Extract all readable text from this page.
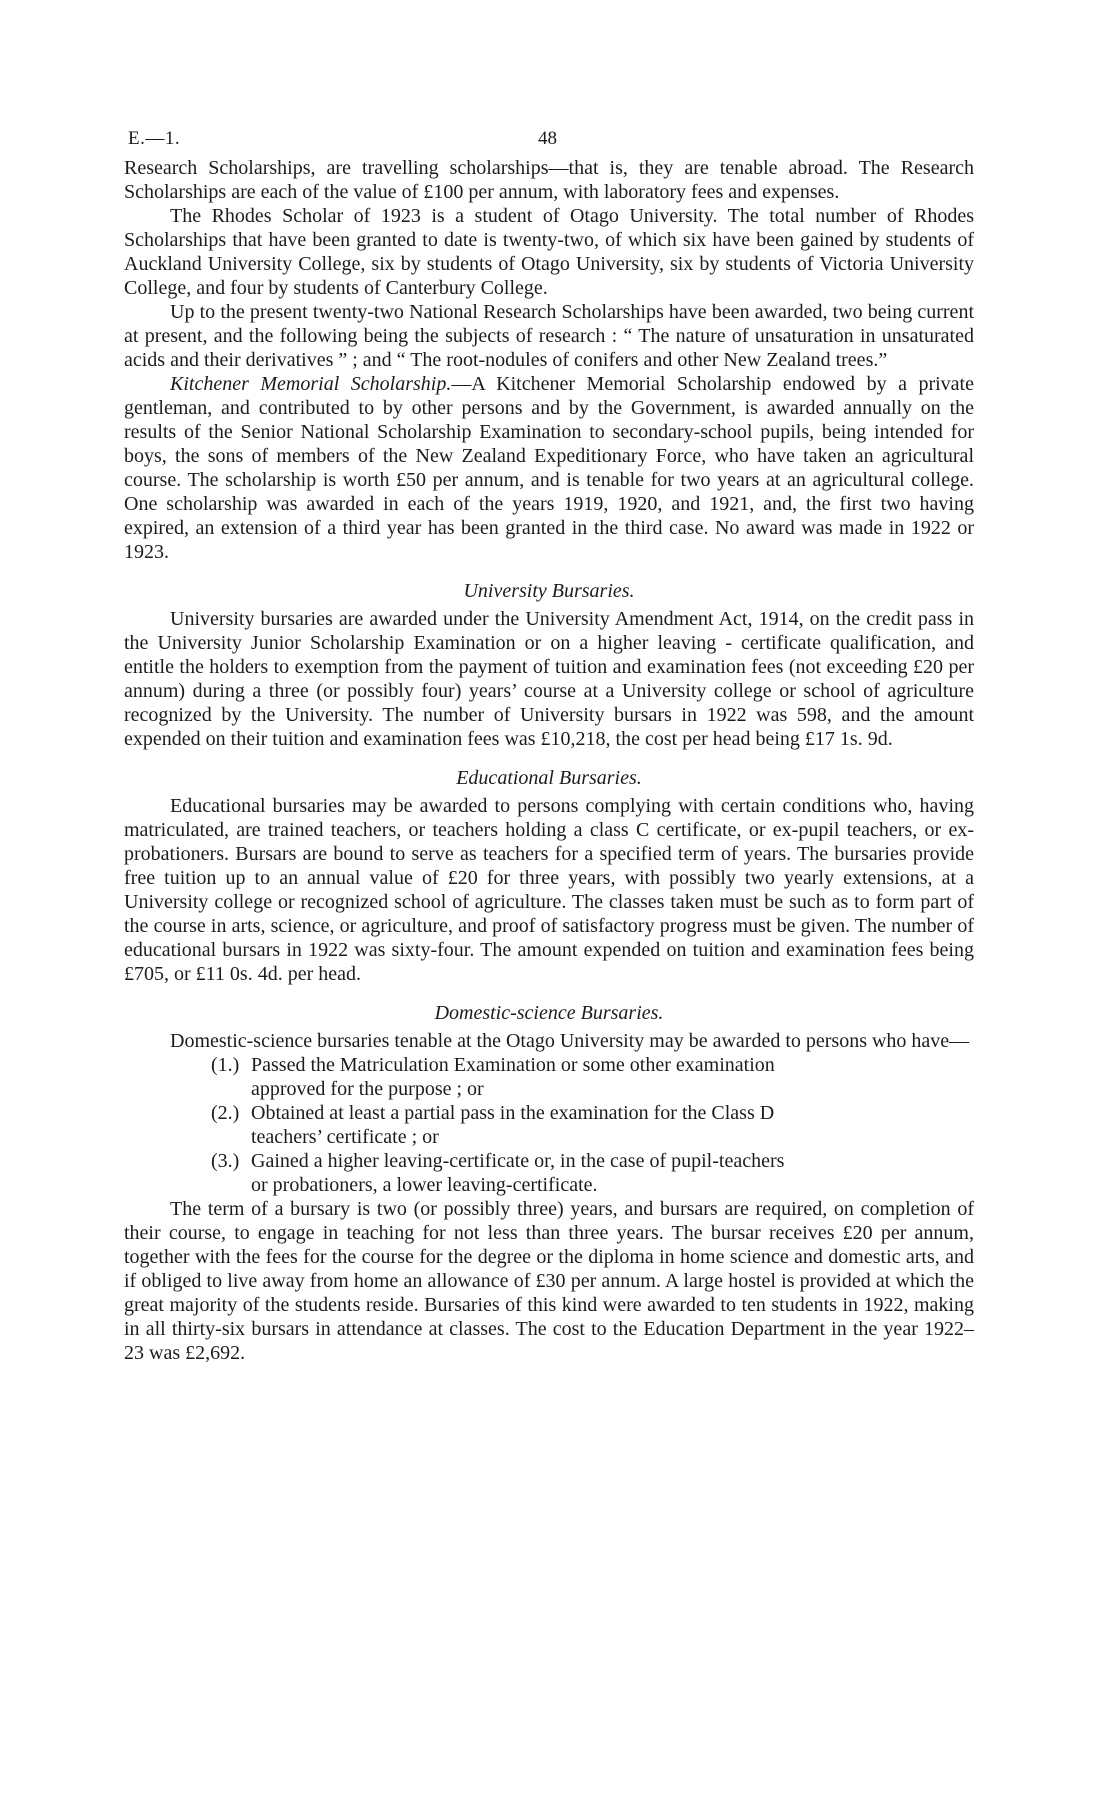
E.—1.	48

Research Scholarships, are travelling scholarships—that is, they are tenable abroad. The Research Scholarships are each of the value of £100 per annum, with laboratory fees and expenses.

The Rhodes Scholar of 1923 is a student of Otago University. The total number of Rhodes Scholarships that have been granted to date is twenty-two, of which six have been gained by students of Auckland University College, six by students of Otago University, six by students of Victoria University College, and four by students of Canterbury College.

Up to the present twenty-two National Research Scholarships have been awarded, two being current at present, and the following being the subjects of research : “ The nature of unsaturation in unsaturated acids and their derivatives ” ; and “ The root-nodules of conifers and other New Zealand trees.”

Kitchener Memorial Scholarship.—A Kitchener Memorial Scholarship endowed by a private gentleman, and contributed to by other persons and by the Government, is awarded annually on the results of the Senior National Scholarship Examination to secondary-school pupils, being intended for boys, the sons of members of the New Zealand Expeditionary Force, who have taken an agricultural course. The scholarship is worth £50 per annum, and is tenable for two years at an agricultural college. One scholarship was awarded in each of the years 1919, 1920, and 1921, and, the first two having expired, an extension of a third year has been granted in the third case. No award was made in 1922 or 1923.

University Bursaries.

University bursaries are awarded under the University Amendment Act, 1914, on the credit pass in the University Junior Scholarship Examination or on a higher leaving - certificate qualification, and entitle the holders to exemption from the payment of tuition and examination fees (not exceeding £20 per annum) during a three (or possibly four) years’ course at a University college or school of agriculture recognized by the University. The number of University bursars in 1922 was 598, and the amount expended on their tuition and examination fees was £10,218, the cost per head being £17 1s. 9d.

Educational Bursaries.

Educational bursaries may be awarded to persons complying with certain conditions who, having matriculated, are trained teachers, or teachers holding a class C certificate, or ex-pupil teachers, or ex-probationers. Bursars are bound to serve as teachers for a specified term of years. The bursaries provide free tuition up to an annual value of £20 for three years, with possibly two yearly extensions, at a University college or recognized school of agriculture. The classes taken must be such as to form part of the course in arts, science, or agriculture, and proof of satisfactory progress must be given. The number of educational bursars in 1922 was sixty-four. The amount expended on tuition and examination fees being £705, or £11 0s. 4d. per head.

Domestic-science Bursaries.

Domestic-science bursaries tenable at the Otago University may be awarded to persons who have—

(1.) Passed the Matriculation Examination or some other examination
approved for the purpose ; or
(2.) Obtained at least a partial pass in the examination for the Class D
teachers’ certificate ; or
(3.) Gained a higher leaving-certificate or, in the case of pupil-teachers
or probationers, a lower leaving-certificate.

The term of a bursary is two (or possibly three) years, and bursars are required, on completion of their course, to engage in teaching for not less than three years. The bursar receives £20 per annum, together with the fees for the course for the degree or the diploma in home science and domestic arts, and if obliged to live away from home an allowance of £30 per annum. A large hostel is provided at which the great majority of the students reside. Bursaries of this kind were awarded to ten students in 1922, making in all thirty-six bursars in attendance at classes. The cost to the Education Department in the year 1922–23 was £2,692.
